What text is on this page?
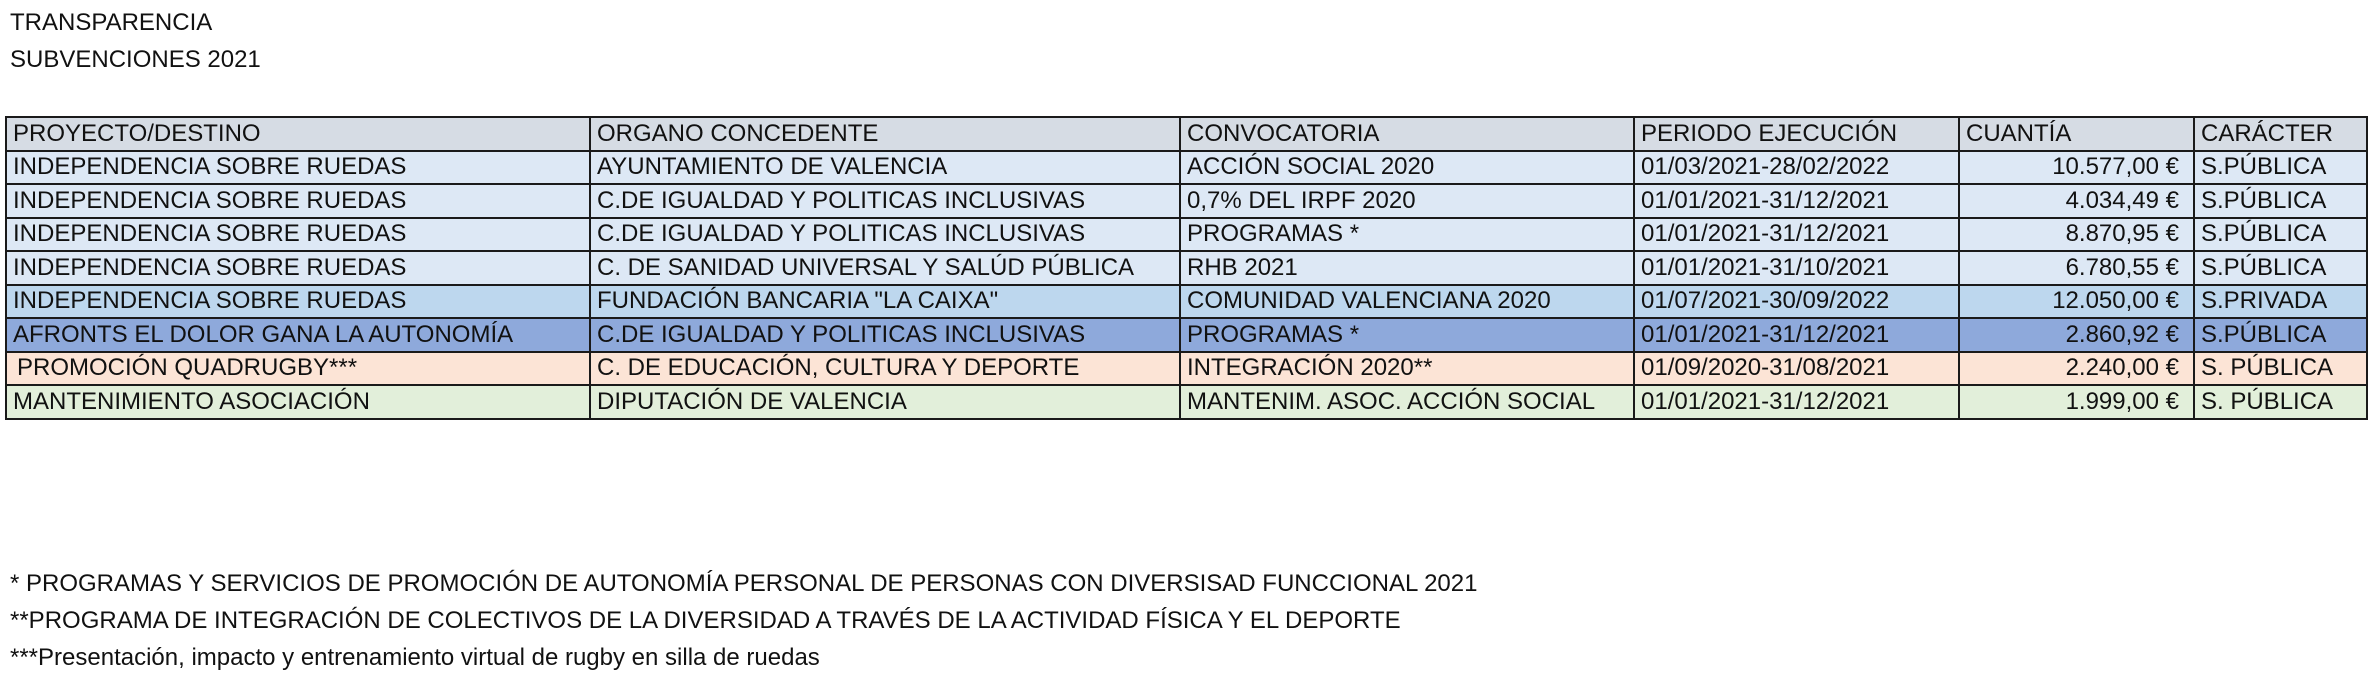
TRANSPARENCIA
SUBVENCIONES 2021
PROYECTO/DESTINO	ORGANO CONCEDENTE	CONVOCATORIA	PERIODO EJECUCIÓN	CUANTÍA	CARÁCTER
INDEPENDENCIA SOBRE RUEDAS	AYUNTAMIENTO DE VALENCIA	ACCIÓN SOCIAL 2020	01/03/2021-28/02/2022	10.577,00 €	S.PÚBLICA
INDEPENDENCIA SOBRE RUEDAS	C.DE IGUALDAD Y POLITICAS INCLUSIVAS	0,7% DEL IRPF 2020	01/01/2021-31/12/2021	4.034,49 €	S.PÚBLICA
INDEPENDENCIA SOBRE RUEDAS	C.DE IGUALDAD Y POLITICAS INCLUSIVAS	PROGRAMAS *	01/01/2021-31/12/2021	8.870,95 €	S.PÚBLICA
INDEPENDENCIA SOBRE RUEDAS	C. DE SANIDAD UNIVERSAL Y SALÚD PÚBLICA	RHB 2021	01/01/2021-31/10/2021	6.780,55 €	S.PÚBLICA
INDEPENDENCIA SOBRE RUEDAS	FUNDACIÓN BANCARIA "LA CAIXA"	COMUNIDAD VALENCIANA 2020	01/07/2021-30/09/2022	12.050,00 €	S.PRIVADA
AFRONTS EL DOLOR GANA LA AUTONOMÍA	C.DE IGUALDAD Y POLITICAS INCLUSIVAS	PROGRAMAS *	01/01/2021-31/12/2021	2.860,92 €	S.PÚBLICA
PROMOCIÓN QUADRUGBY***	C. DE EDUCACIÓN, CULTURA Y DEPORTE	INTEGRACIÓN 2020**	01/09/2020-31/08/2021	2.240,00 €	S. PÚBLICA
MANTENIMIENTO ASOCIACIÓN	DIPUTACIÓN DE VALENCIA	MANTENIM. ASOC. ACCIÓN SOCIAL	01/01/2021-31/12/2021	1.999,00 €	S. PÚBLICA
* PROGRAMAS Y SERVICIOS DE PROMOCIÓN DE AUTONOMÍA PERSONAL DE PERSONAS CON DIVERSISAD FUNCCIONAL 2021
**PROGRAMA DE INTEGRACIÓN DE COLECTIVOS DE LA DIVERSIDAD A TRAVÉS DE LA ACTIVIDAD FÍSICA Y EL DEPORTE
***Presentación, impacto y entrenamiento virtual de rugby en silla de ruedas
